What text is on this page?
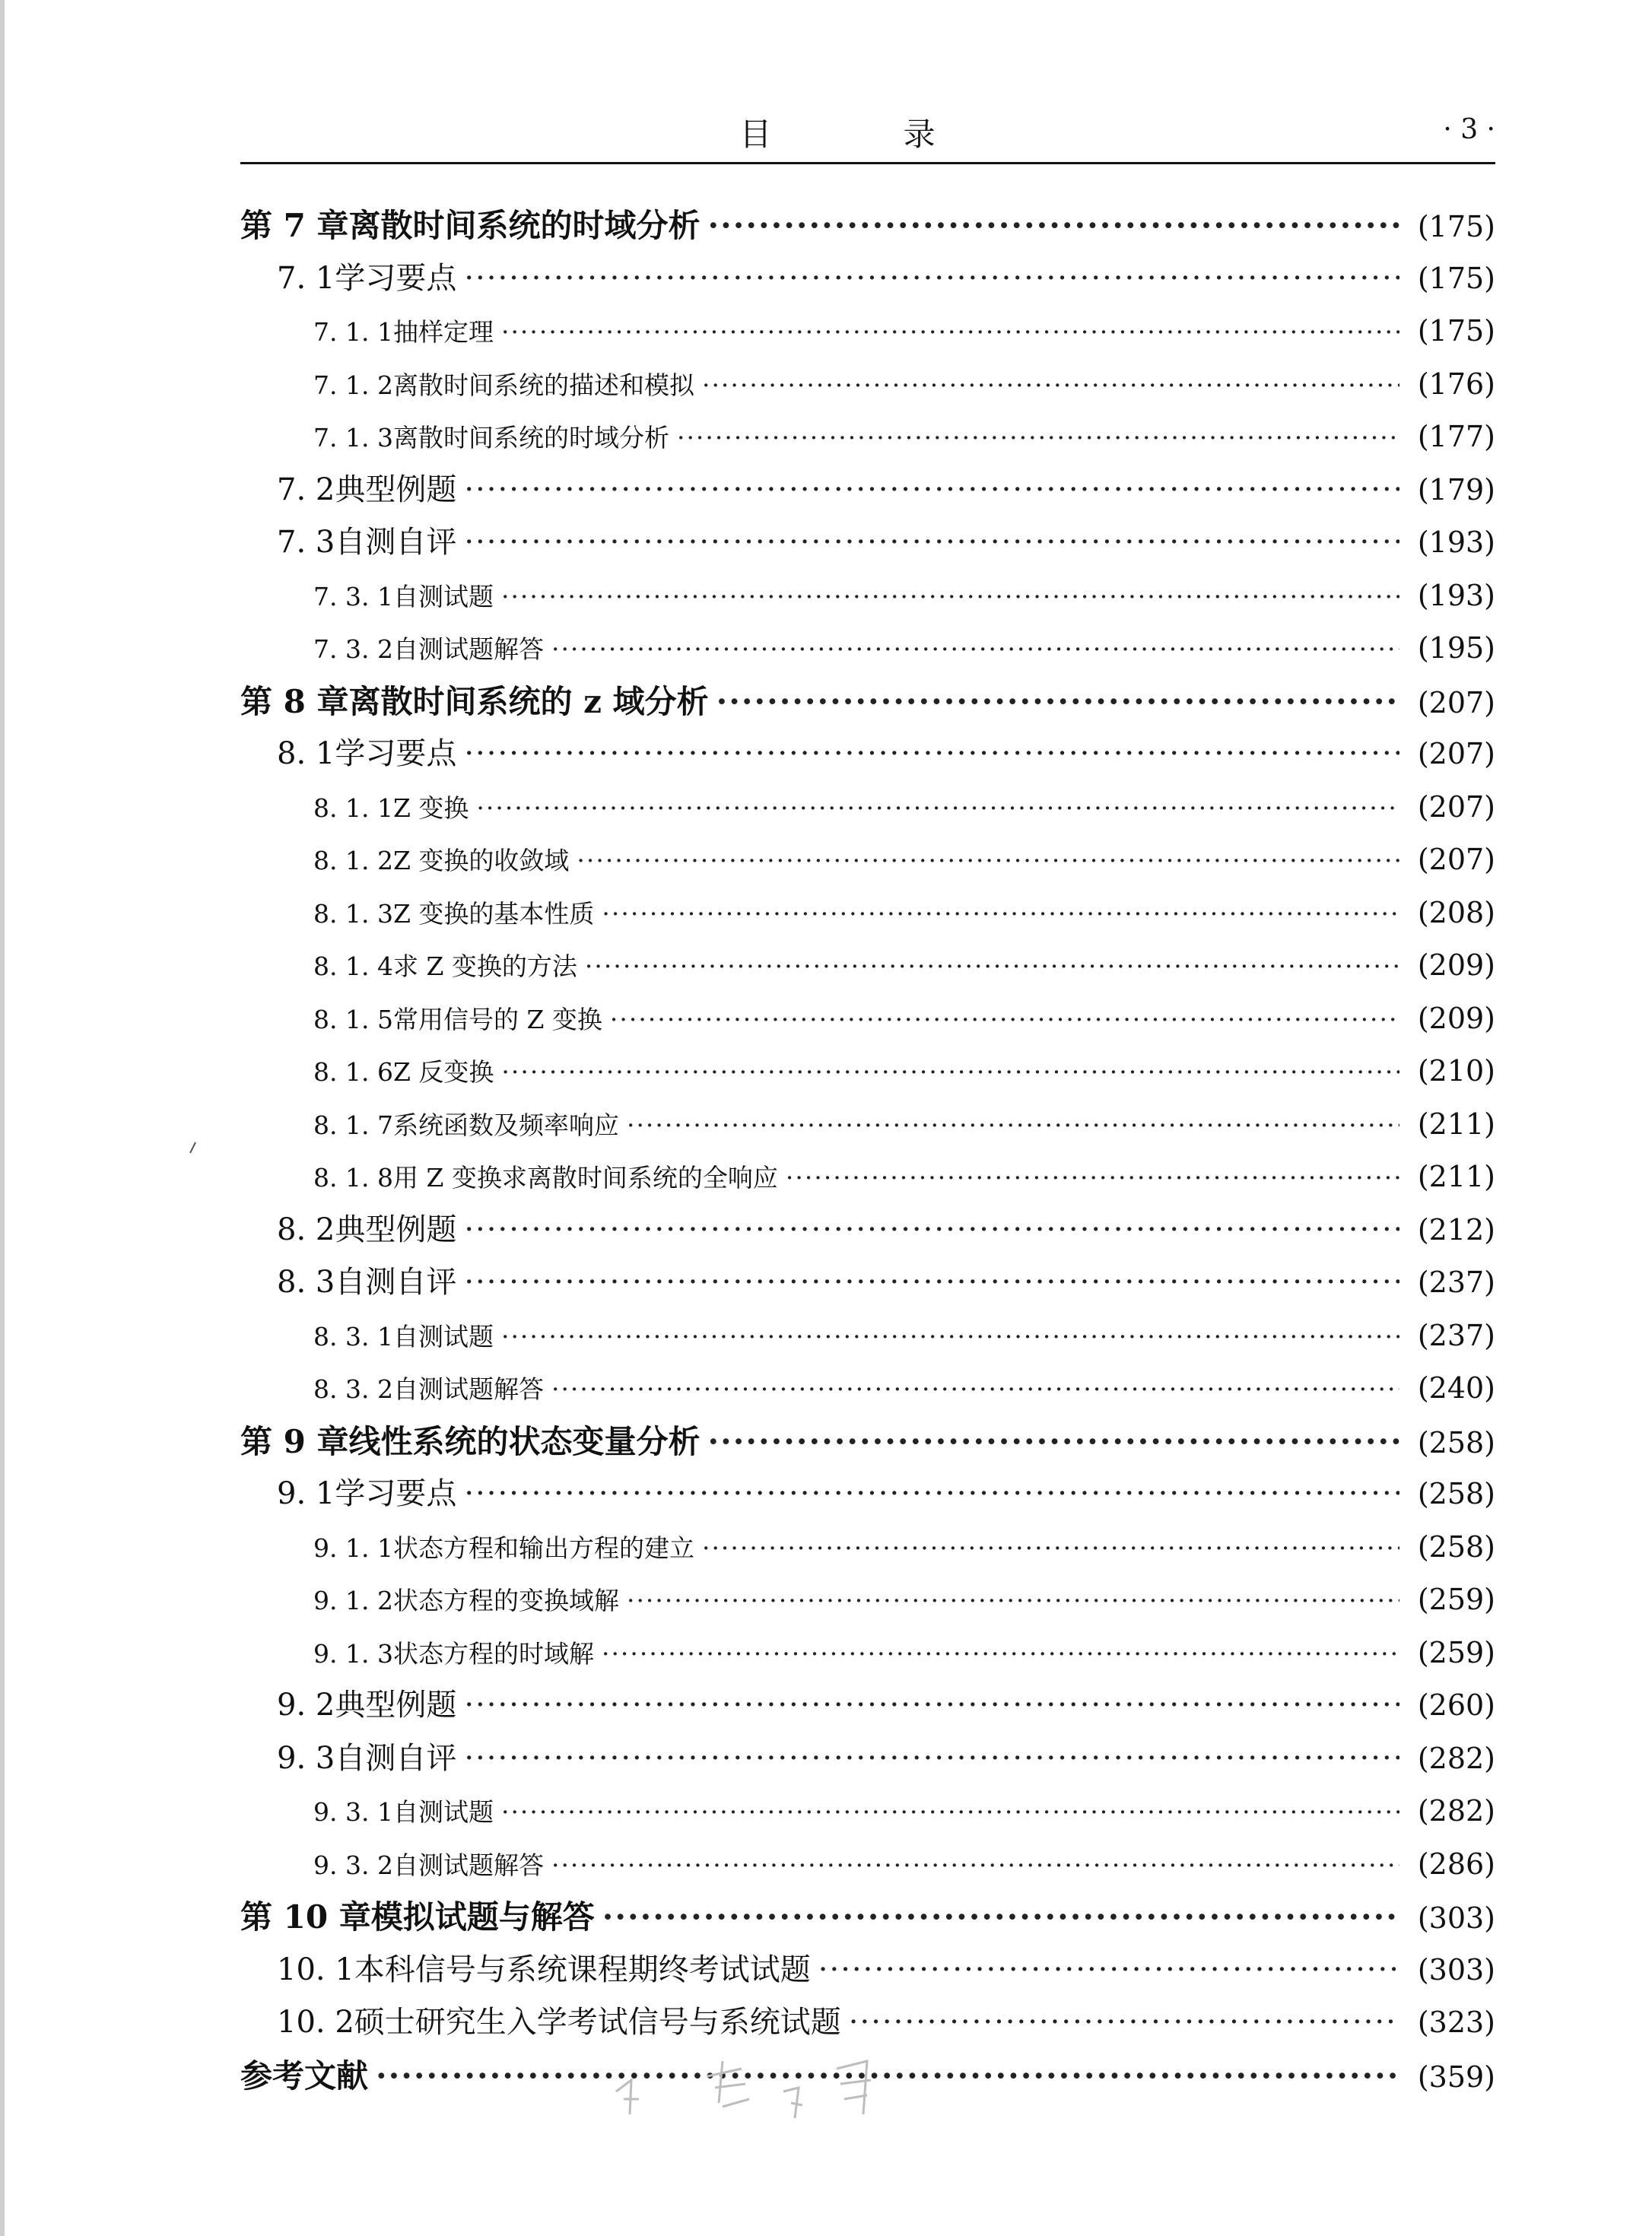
目 录	· 3 ·
第 7 章 离散时间系统的时域分析 ·····	(175)
7. 1 学习要点 ·····	(175)
7. 1. 1 抽样定理 ·····	(175)
7. 1. 2 离散时间系统的描述和模拟 ·····	(176)
7. 1. 3 离散时间系统的时域分析 ·····	(177)
7. 2 典型例题 ·····	(179)
7. 3 自测自评 ·····	(193)
7. 3. 1 自测试题 ·····	(193)
7. 3. 2 自测试题解答 ·····	(195)
第 8 章 离散时间系统的 z 域分析 ·····	(207)
8. 1 学习要点 ·····	(207)
8. 1. 1 Z 变换 ·····	(207)
8. 1. 2 Z 变换的收敛域 ·····	(207)
8. 1. 3 Z 变换的基本性质 ·····	(208)
8. 1. 4 求 Z 变换的方法 ·····	(209)
8. 1. 5 常用信号的 Z 变换 ·····	(209)
8. 1. 6 Z 反变换 ·····	(210)
8. 1. 7 系统函数及频率响应 ·····	(211)
8. 1. 8 用 Z 变换求离散时间系统的全响应 ·····	(211)
8. 2 典型例题 ·····	(212)
8. 3 自测自评 ·····	(237)
8. 3. 1 自测试题 ·····	(237)
8. 3. 2 自测试题解答 ·····	(240)
第 9 章 线性系统的状态变量分析 ·····	(258)
9. 1 学习要点 ·····	(258)
9. 1. 1 状态方程和输出方程的建立 ·····	(258)
9. 1. 2 状态方程的变换域解 ·····	(259)
9. 1. 3 状态方程的时域解 ·····	(259)
9. 2 典型例题 ·····	(260)
9. 3 自测自评 ·····	(282)
9. 3. 1 自测试题 ·····	(282)
9. 3. 2 自测试题解答 ·····	(286)
第 10 章 模拟试题与解答 ·····	(303)
10. 1 本科信号与系统课程期终考试试题 ·····	(303)
10. 2 硕士研究生入学考试信号与系统试题 ·····	(323)
参考文献 ·····	(359)
